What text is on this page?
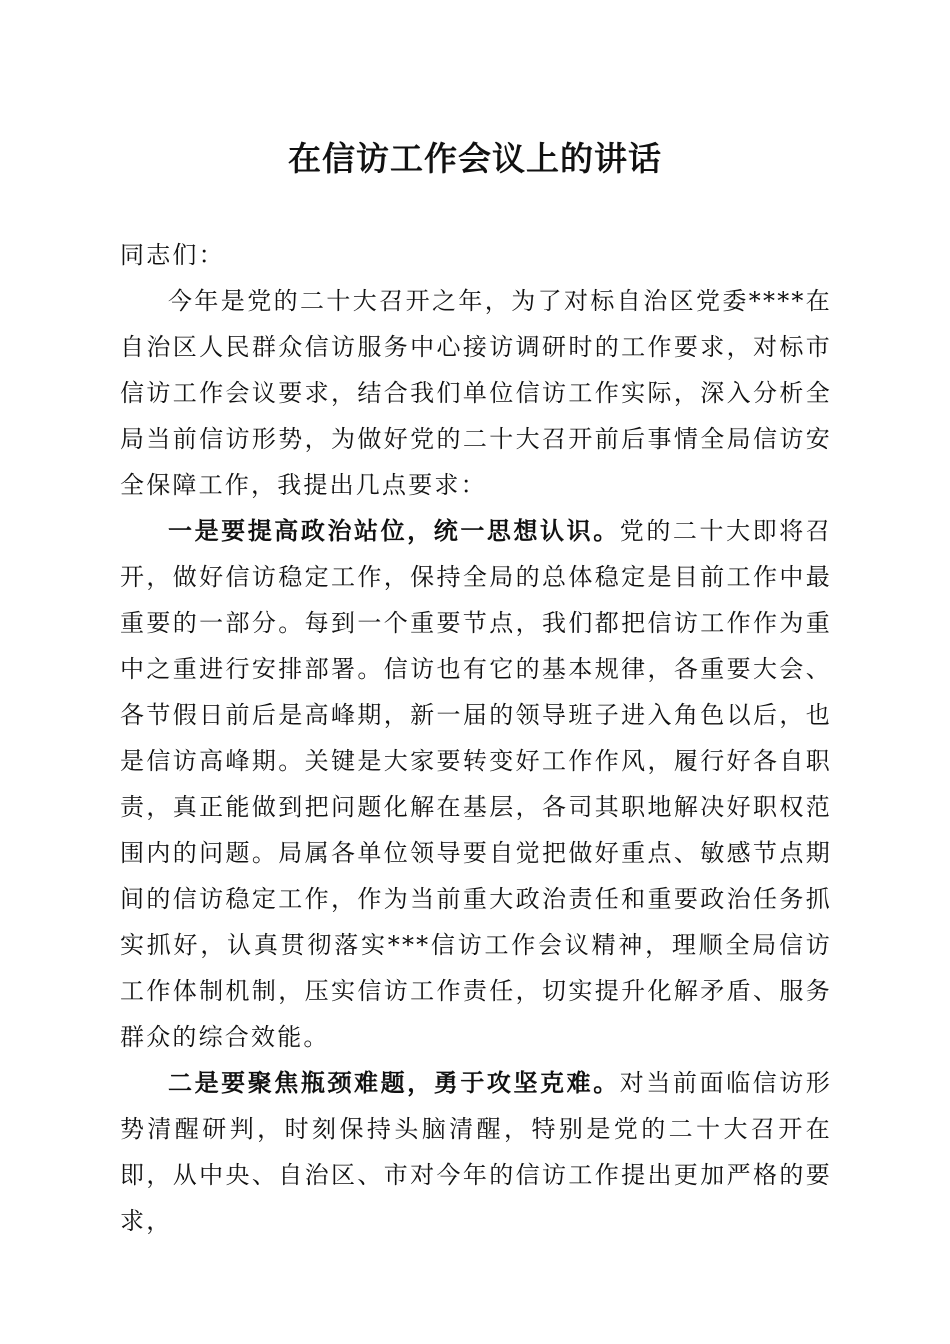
在信访工作会议上的讲话

同志们：

今年是党的二十大召开之年，为了对标自治区党委****在自治区人民群众信访服务中心接访调研时的工作要求，对标市信访工作会议要求，结合我们单位信访工作实际，深入分析全局当前信访形势，为做好党的二十大召开前后事情全局信访安全保障工作，我提出几点要求：

一是要提高政治站位，统一思想认识。党的二十大即将召开，做好信访稳定工作，保持全局的总体稳定是目前工作中最重要的一部分。每到一个重要节点，我们都把信访工作作为重中之重进行安排部署。信访也有它的基本规律，各重要大会、各节假日前后是高峰期，新一届的领导班子进入角色以后，也是信访高峰期。关键是大家要转变好工作作风，履行好各自职责，真正能做到把问题化解在基层，各司其职地解决好职权范围内的问题。局属各单位领导要自觉把做好重点、敏感节点期间的信访稳定工作，作为当前重大政治责任和重要政治任务抓实抓好，认真贯彻落实***信访工作会议精神，理顺全局信访工作体制机制，压实信访工作责任，切实提升化解矛盾、服务群众的综合效能。

二是要聚焦瓶颈难题，勇于攻坚克难。对当前面临信访形势清醒研判，时刻保持头脑清醒，特别是党的二十大召开在即，从中央、自治区、市对今年的信访工作提出更加严格的要求，
